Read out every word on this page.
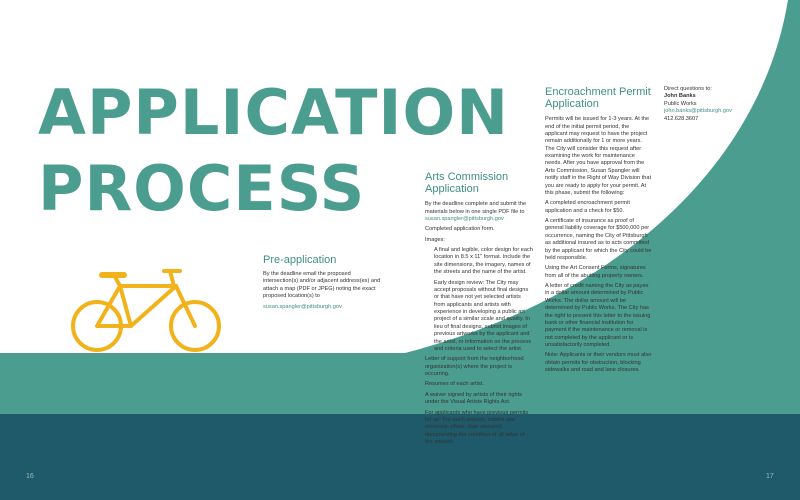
APPLICATION
PROCESS
Pre-application

By the deadline email the proposed intersection(s) and/or adjacent address(es) and attach a map (PDF or JPEG) noting the exact proposed location(s) to

susan.spangler@pittsburgh.gov

Arts Commission Application

By the deadline complete and submit the materials below in one single PDF file to

susan.spangler@pittsburgh.gov

Completed application form.

Images:

A final and legible, color design for each location in 8.5 x 11" format. Include the site dimensions, the imagery, names of the streets and the name of the artist.

Early design review: The City may accept proposals without final designs or that have not yet selected artists from applicants and artists with experience in developing a public art project of a similar scale and quality. In lieu of final designs, submit images of previous artworks by the applicant and the artist, or information on the process and criteria used to select the artist.

Letter of support from the neighborhood organization(s) where the project is occurring.

Resumes of each artist.

A waiver signed by artists of their rights under the Visual Artists Rights Act.

For applicants who have previous permits for art: For each artwork, submit one electronic photo, date stamped, documenting the condition of all sides of the artwork.

Encroachment Permit Application

Permits will be issued for 1-3 years. At the end of the initial permit period, the applicant may request to have the project remain additionally for 1 or more years. The City will consider this request after examining the work for maintenance needs. After you have approval from the Arts Commission, Susan Spangler will notify staff in the Right of Way Division that you are ready to apply for your permit. At this phase, submit the following:

A completed encroachment permit application and a check for $50.

A certificate of insurance as proof of general liability coverage for $500,000 per occurrence, naming the City of Pittsburgh as additional insured as to acts committed by the applicant for which the City could be held responsible.

Using the Art Consent Forms, signatures from all of the abutting property owners.

A letter of credit naming the City as payee in a dollar amount determined by Public Works. The dollar amount will be determined by Public Works. The City has the right to present this letter to the issuing bank or other financial institution for payment if the maintenance or removal is not completed by the applicant or is unsatisfactorily completed.

Note: Applicants or their vendors must also obtain permits for obstruction, blocking sidewalks and road and lane closures.

Direct questions to:

John Banks

Public Works

john.banks@pittsburgh.gov

412.628.3607

16	17
